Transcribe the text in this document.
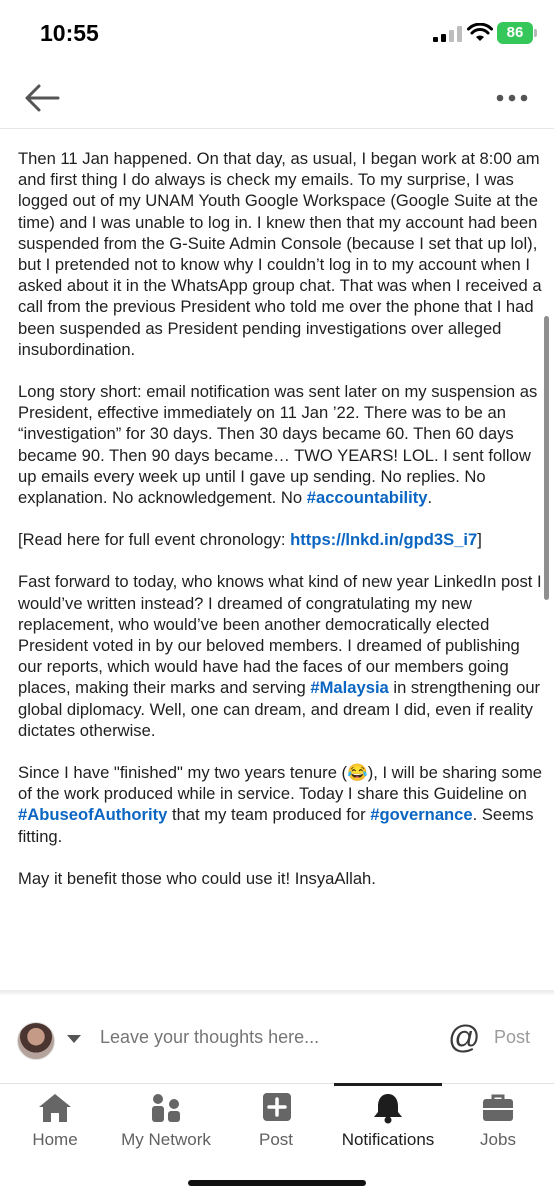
10:55	86

Then 11 Jan happened. On that day, as usual, I began work at 8:00 am and first thing I do always is check my emails. To my surprise, I was logged out of my UNAM Youth Google Workspace (Google Suite at the time) and I was unable to log in. I knew then that my account had been suspended from the G-Suite Admin Console (because I set that up lol), but I pretended not to know why I couldn’t log in to my account when I asked about it in the WhatsApp group chat. That was when I received a call from the previous President who told me over the phone that I had been suspended as President pending investigations over alleged insubordination.

Long story short: email notification was sent later on my suspension as President, effective immediately on 11 Jan ’22. There was to be an “investigation” for 30 days. Then 30 days became 60. Then 60 days became 90. Then 90 days became… TWO YEARS! LOL. I sent follow up emails every week up until I gave up sending. No replies. No explanation. No acknowledgement. No #accountability.

[Read here for full event chronology: https://lnkd.in/gpd3S_i7]

Fast forward to today, who knows what kind of new year LinkedIn post I would’ve written instead? I dreamed of congratulating my new replacement, who would’ve been another democratically elected President voted in by our beloved members. I dreamed of publishing our reports, which would have had the faces of our members going places, making their marks and serving #Malaysia in strengthening our global diplomacy. Well, one can dream, and dream I did, even if reality dictates otherwise.

Since I have "finished" my two years tenure (😂), I will be sharing some of the work produced while in service. Today I share this Guideline on #AbuseofAuthority that my team produced for #governance. Seems fitting.

May it benefit those who could use it! InsyaAllah.

Leave your thoughts here...
@ Post
Home	My Network	Post	Notifications	Jobs
